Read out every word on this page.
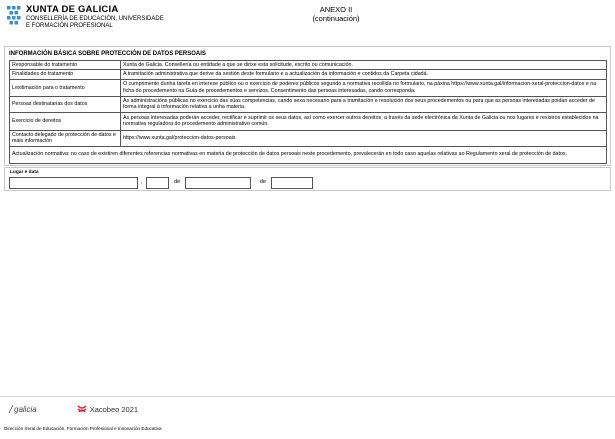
XUNTA DE GALICIA
CONSELLERÍA DE EDUCACIÓN, UNIVERSIDADE
E FORMACIÓN PROFESIONAL
ANEXO II
(continuación)
INFORMACIÓN BÁSICA SOBRE PROTECCIÓN DE DATOS PERSOAIS
Responsable do tratamento	Xunta de Galicia. Consellería ou entidade a que se dirixe esta solicitude, escrito ou comunicación.
Finalidades do tratamento	A tramitación administrativa que derive da xestión deste formulario e a actualización da información e contidos da Carpeta cidadá.
Lexitimación para o tratamento	O cumprimento dunha tarefa en interese público ou o exercicio de poderes públicos segundo a normativa recollida no formulario, na páxina https://www.xunta.gal/informacion-xeral-proteccion-datos e na ficha do procedemento na Guía de procedementos e servizos. Consentimento das persoas interesadas, cando corresponda.
Persoas destinatarias dos datos	As administracións públicas no exercicio das súas competencias, cando sexa necesario para a tramitación e resolución dos seus procedementos ou para que as persoas interesadas poidan acceder de forma integral á información relativa a unha materia.
Exercicio de dereitos	As persoas interesadas poderán acceder, rectificar e suprimir os seus datos, así como exercer outros dereitos, a través da sede electrónica da Xunta de Galicia ou nos lugares e rexistros establecidos na normativa reguladora do procedemento administrativo común.
Contacto delegado de protección de datos e máis información	https://www.xunta.gal/proteccion-datos-persoais
Actualización normativa: no caso de existiren diferentes referencias normativas en materia de protección de datos persoais neste procedemento, prevalecerán en todo caso aquelas relativas ao Regulamento xeral de protección de datos.	
Lugar e data
,	de	de
galicia	Xacobeo 2021
Dirección Xeral de Educación, Formación Profesional e Innovación Educativa
